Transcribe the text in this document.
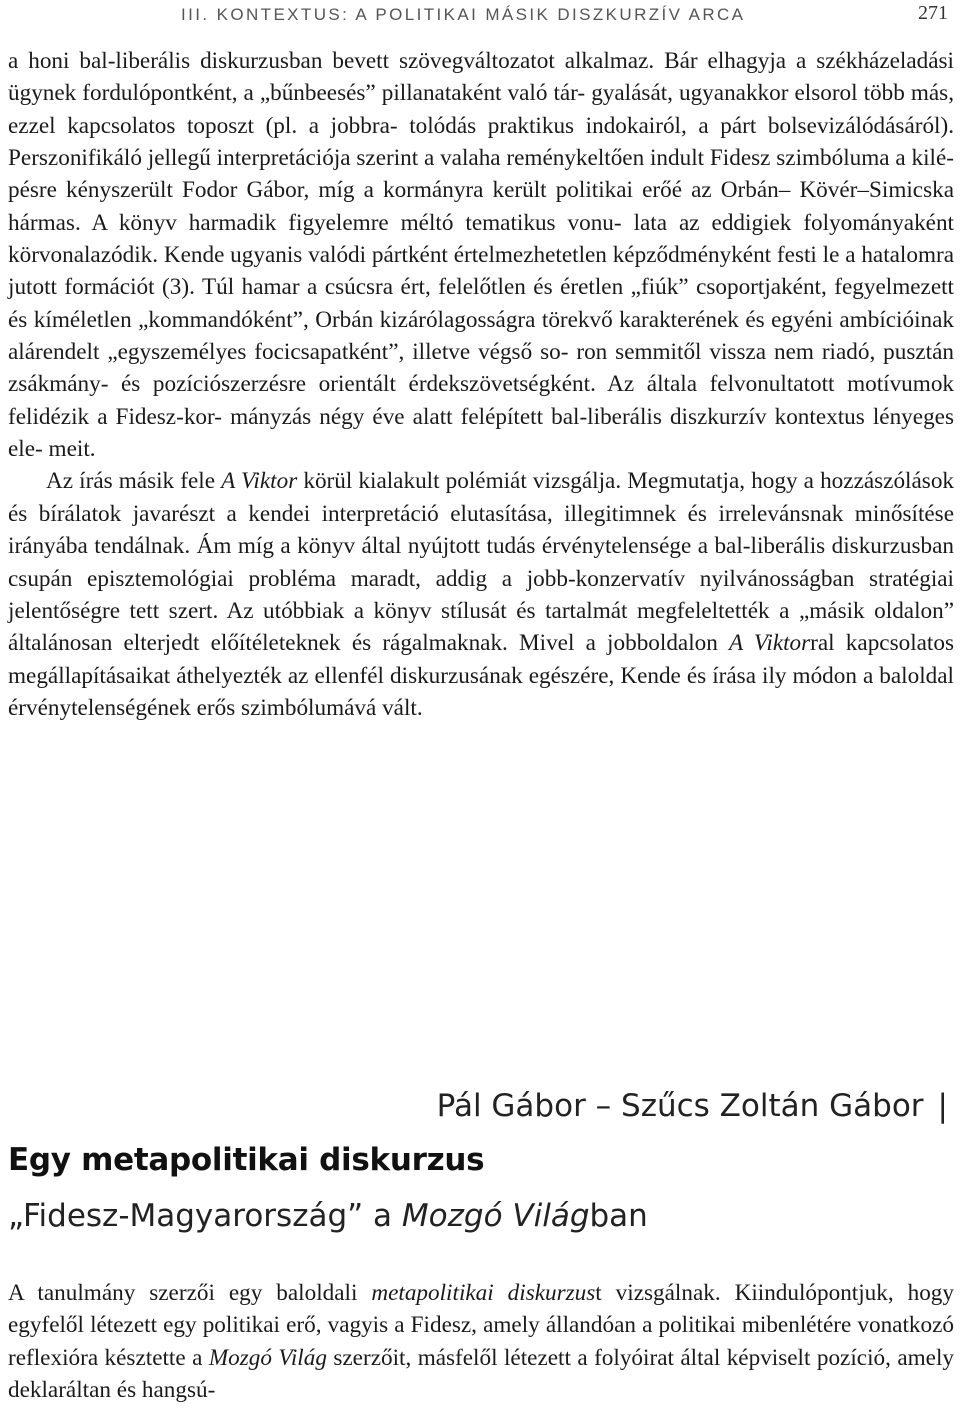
III. KONTEXTUS: A POLITIKAI MÁSIK DISZKURZÍV ARCA	271

a honi bal-liberális diskurzusban bevett szövegváltozatot alkalmaz. Bár elhagyja a székházeladási ügynek fordulópontként, a „bűnbeesés” pillanataként való tár- gyalását, ugyanakkor elsorol több más, ezzel kapcsolatos toposzt (pl. a jobbra- tolódás praktikus indokairól, a párt bolsevizálódásáról). Perszonifikáló jellegű interpretációja szerint a valaha reménykeltően indult Fidesz szimbóluma a kilé- pésre kényszerült Fodor Gábor, míg a kormányra került politikai erőé az Orbán– Kövér–Simicska hármas. A könyv harmadik figyelemre méltó tematikus vonu- lata az eddigiek folyományaként körvonalazódik. Kende ugyanis valódi pártként értelmezhetetlen képződményként festi le a hatalomra jutott formációt (3). Túl hamar a csúcsra ért, felelőtlen és éretlen „fiúk” csoportjaként, fegyelmezett és kíméletlen „kommandóként”, Orbán kizárólagosságra törekvő karakterének és egyéni ambícióinak alárendelt „egyszemélyes focicsapatként”, illetve végső so- ron semmitől vissza nem riadó, pusztán zsákmány- és pozíciószerzésre orientált érdekszövetségként. Az általa felvonultatott motívumok felidézik a Fidesz-kor- mányzás négy éve alatt felépített bal-liberális diszkurzív kontextus lényeges ele- meit.

Az írás másik fele A Viktor körül kialakult polémiát vizsgálja. Megmutatja, hogy a hozzászólások és bírálatok javarészt a kendei interpretáció elutasítása, illegitimnek és irrelevánsnak minősítése irányába tendálnak. Ám míg a könyv által nyújtott tudás érvénytelensége a bal-liberális diskurzusban csupán episztemológiai probléma maradt, addig a jobb-konzervatív nyilvánosságban stratégiai jelentőségre tett szert. Az utóbbiak a könyv stílusát és tartalmát megfeleltették a „másik oldalon” általánosan elterjedt előítéleteknek és rágalmaknak. Mivel a jobboldalon A Viktorral kapcsolatos megállapításaikat áthelyezték az ellenfél diskurzusának egészére, Kende és írása ily módon a baloldal érvénytelenségének erős szimbólumává vált.

Pál Gábor – Szűcs Zoltán Gábor |
Egy metapolitikai diskurzus
„Fidesz-Magyarország” a Mozgó Világban

A tanulmány szerzői egy baloldali metapolitikai diskurzust vizsgálnak. Kiindulópontjuk, hogy egyfelől létezett egy politikai erő, vagyis a Fidesz, amely állandóan a politikai mibenlétére vonatkozó reflexióra késztette a Mozgó Világ szerzőit, másfelől létezett a folyóirat által képviselt pozíció, amely deklaráltan és hangsú-
